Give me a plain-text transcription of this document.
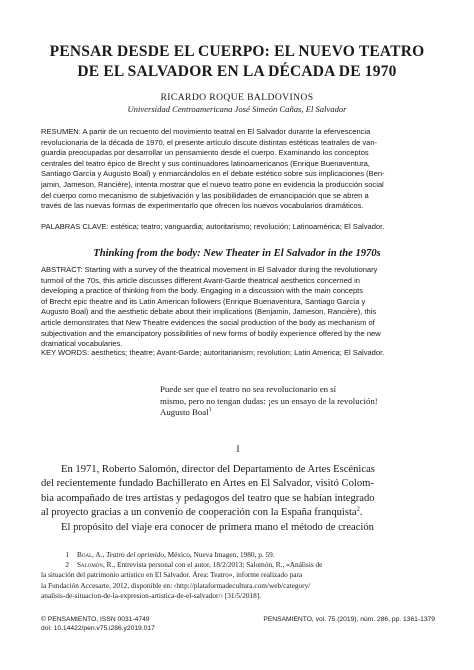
PENSAR DESDE EL CUERPO: EL NUEVO TEATRO
DE EL SALVADOR EN LA DÉCADA DE 1970
RICARDO ROQUE BALDOVINOS
Universidad Centroamericana José Simeón Cañas, El Salvador
RESUMEN: A partir de un recuento del movimiento teatral en El Salvador durante la efervescencia
revolucionaria de la década de 1970, el presente artículo discute distintas estéticas teatrales de van-
guardia preocupadas por desarrollar un pensamiento desde el cuerpo. Examinando los conceptos
centrales del teatro épico de Brecht y sus continuadores latinoamericanos (Enrique Buenaventura,
Santiago García y Augusto Boal) y enmarcándolos en el debate estético sobre sus implicaciones (Ben-
jamin, Jameson, Rancière), intenta mostrar que el nuevo teatro pone en evidencia la producción social
del cuerpo como mecanismo de subjetivación y las posibilidades de emancipación que se abren a
través de las nuevas formas de experimentarlo que ofrecen los nuevos vocabularios dramáticos.
PALABRAS CLAVE: estética; teatro; vanguardia; autoritarismo; revolución; Latinoamérica; El Salvador.
Thinking from the body: New Theater in El Salvador in the 1970s
ABSTRACT: Starting with a survey of the theatrical movement in El Salvador during the revolutionary
turmoil of the 70s, this article discusses different Avant-Garde theatrical aesthetics concerned in
developing a practice of thinking from the body. Engaging in a discussion with the main concepts
of Brecht epic theatre and its Latin American followers (Enrique Buenaventura, Santiago García y
Augusto Boal) and the aesthetic debate about their implications (Benjamin, Jameson, Rancière), this
article demonstrates that New Theatre evidences the social production of the body as mechanism of
subjectivation and the emancipatory possibilities of new forms of bodily experience offered by the new
dramatical vocabularies.
KEY WORDS: aesthetics; theatre; Avant-Garde; autoritarianism; revolution; Latin America; El Salvador.
Puede ser que el teatro no sea revolucionario en sí
mismo, pero no tengan dudas: ¡es un ensayo de la revolución!
Augusto Boal$^1$
I
En 1971, Roberto Salomón, director del Departamento de Artes Escénicas
del recientemente fundado Bachillerato en Artes en El Salvador, visitó Colom-
bia acompañado de tres artistas y pedagogos del teatro que se habían integrado
al proyecto gracias a un convenio de cooperación con la España franquista$^2$.
El propósito del viaje era conocer de primera mano el método de creación
1 Boal, A., Teatro del oprimido, México, Nueva Imagen, 1980, p. 59.
2 Salomón, R., Entrevista personal con el autor, 18/2/2013; Salomón, R., «Análisis de
la situación del patrimonio artístico en El Salvador. Área: Teatro», informe realizado para
la Fundación Accesarte, 2012, disponible en: ‹http://plataformadecultura.com/web/category/
analisis-de-situacion-de-la-expresion-artistica-de-el-salvador/› [31/5/2018].
© PENSAMIENTO, ISSN 0031-4749
doi: 10.14422/pen.v75.i286.y2019.017
PENSAMIENTO, vol. 75 (2019), núm. 286, pp. 1361-1379
